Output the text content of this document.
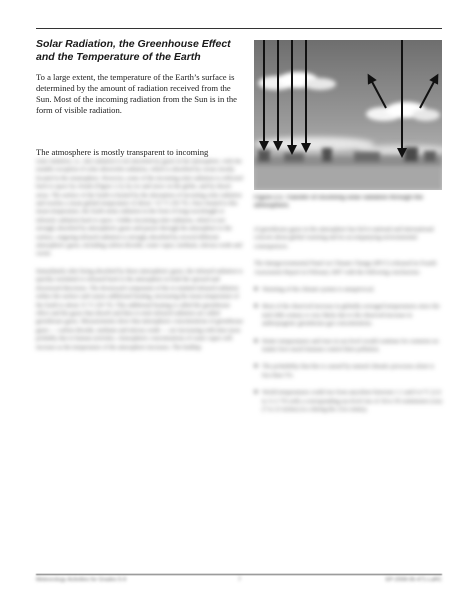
Solar Radiation, the Greenhouse Effect and the Temperature of the Earth

To a large extent, the temperature of the Earth’s surface is determined by the amount of radiation received from the Sun. Most of the incoming radiation from the Sun is in the form of visible radiation.

The atmosphere is mostly transparent to incoming

solar radiation, i.e., this radiation is not absorbed by gases in the atmosphere, with the notable exception of solar ultraviolet radiation, which is absorbed by ozone mostly located in the stratosphere. However, some of the incoming solar radiation is reflected back to space by clouds (Figure 2.3), by ice and snow on the globe, and by desert areas. The surface of the Earth is heated by the absorption of incoming solar radiation and reaches a mean global temperature of about +15 °C (59 °F). Once heated to this mean temperature, the Earth emits radiation in the form of long-wavelength or infrared, radiation back to space. Unlike incoming solar radiation, which is not strongly absorbed by atmospheric gases and passes through the atmosphere to the surface, outgoing infrared radiation is strongly absorbed by several different atmospheric gases, including carbon dioxide, water vapor, methane, nitrous oxide and ozone.

Immediately after being absorbed by these atmospheric gases, the infrared radiation is quickly reemitted or released back to the atmosphere in both the upward and downward directions. The downward component of the re-emitted infrared radiation strikes the surface and causes additional heating, increasing the mean temperature of the Earth to about 15 °C (59 °F). This additional heating is called the greenhouse effect and the gases that absorb and then re-emit infrared radiation are called greenhouse gases. Measurements show that atmospheric concentrations of greenhouse gases — carbon dioxide, methane and nitrous oxide — are increasing with time most probably due to human activities. Atmospheric concentrations of water vapor will increase as the temperature of the atmosphere increases. The buildup

Figure 2.3. Transfer of incoming solar radiation through the atmosphere.

of greenhouse gases in the atmosphere has led to national and international concern about global warming and its accompanying environmental consequences.

The Intergovernmental Panel on Climate Change (IPCC) released its Fourth Assessment Report in February 2007 with the following conclusions:

◆ Warming of the climate system is unequivocal.
◆ Most of the observed increase in globally averaged temperatures since the mid-20th century is very likely due to the observed increase in anthropogenic greenhouse gas concentrations.
◆ Hotter temperatures and rises in sea level would continue for centuries no matter how much humans control their pollution.
◆ The probability that this is caused by natural climatic processes alone is less than 5%.
◆ World temperatures could rise from anywhere between 1.1 and 6.4 °C (2.0 to 11.5 °F) with a corresponding sea level rise of 18 to 59 centimeters (cm) (7 to 23 inches) in a during the 21st century.
Meteorology Activities for Grades 5-9	7	EP-2008-06-471-LaRC
